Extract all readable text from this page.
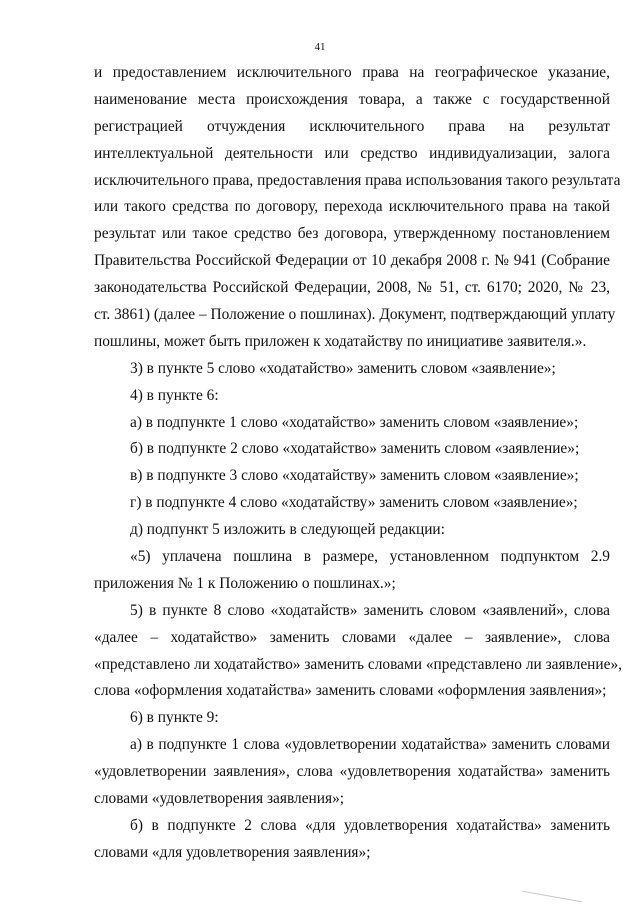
41
и предоставлением исключительного права на географическое указание,
наименование места происхождения товара, а также с государственной
регистрацией отчуждения исключительного права на результат
интеллектуальной деятельности или средство индивидуализации, залога
исключительного права, предоставления права использования такого результата
или такого средства по договору, перехода исключительного права на такой
результат или такое средство без договора, утвержденному постановлением
Правительства Российской Федерации от 10 декабря 2008 г. № 941 (Собрание
законодательства Российской Федерации, 2008, № 51, ст. 6170; 2020, № 23,
ст. 3861) (далее – Положение о пошлинах). Документ, подтверждающий уплату
пошлины, может быть приложен к ходатайству по инициативе заявителя.».
3) в пункте 5 слово «ходатайство» заменить словом «заявление»;
4) в пункте 6:
а) в подпункте 1 слово «ходатайство» заменить словом «заявление»;
б) в подпункте 2 слово «ходатайство» заменить словом «заявление»;
в) в подпункте 3 слово «ходатайству» заменить словом «заявление»;
г) в подпункте 4 слово «ходатайству» заменить словом «заявление»;
д) подпункт 5 изложить в следующей редакции:
«5) уплачена пошлина в размере, установленном подпунктом 2.9
приложения № 1 к Положению о пошлинах.»;
5) в пункте 8 слово «ходатайств» заменить словом «заявлений», слова
«далее – ходатайство» заменить словами «далее – заявление», слова
«представлено ли ходатайство» заменить словами «представлено ли заявление»,
слова «оформления ходатайства» заменить словами «оформления заявления»;
6) в пункте 9:
а) в подпункте 1 слова «удовлетворении ходатайства» заменить словами
«удовлетворении заявления», слова «удовлетворения ходатайства» заменить
словами «удовлетворения заявления»;
б) в подпункте 2 слова «для удовлетворения ходатайства» заменить
словами «для удовлетворения заявления»;
